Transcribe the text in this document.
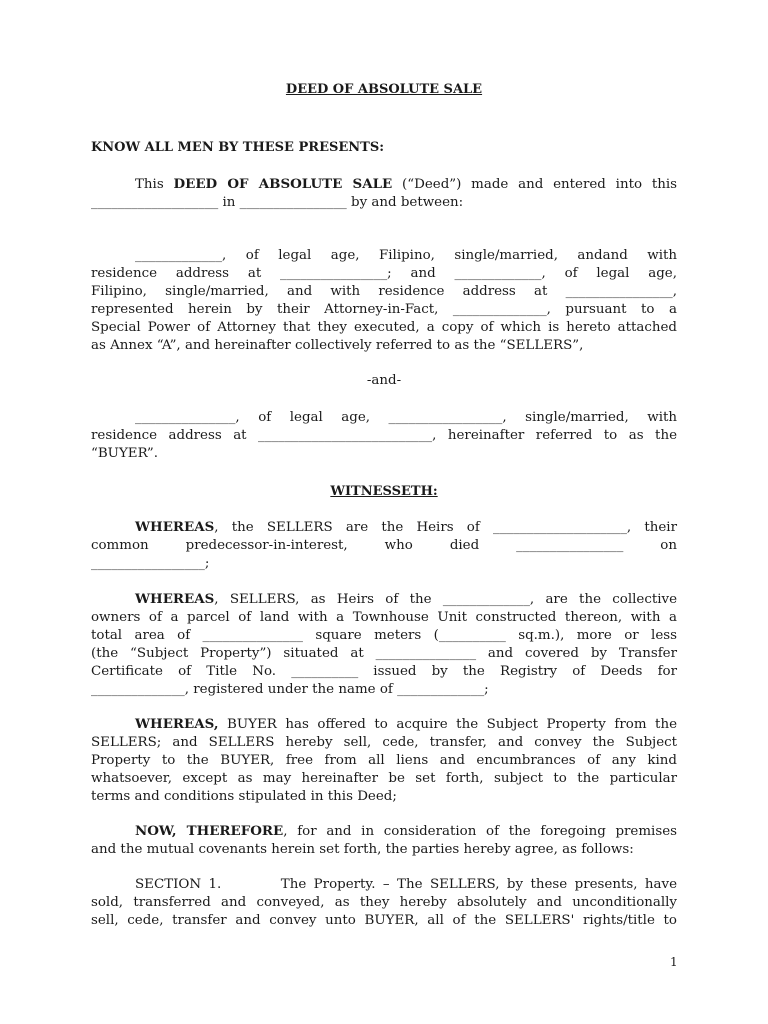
DEED OF ABSOLUTE SALE
KNOW ALL MEN BY THESE PRESENTS:
This DEED OF ABSOLUTE SALE (“Deed”) made and entered into this
___________________ in ________________ by and between:
_____________, of legal age, Filipino, single/married, andand with
residence address at ________________; and _____________, of legal age,
Filipino, single/married, and with residence address at ________________,
represented herein by their Attorney-in-Fact, ______________, pursuant to a
Special Power of Attorney that they executed, a copy of which is hereto attached
as Annex “A”, and hereinafter collectively referred to as the “SELLERS”,
-and-
_______________, of legal age, _________________, single/married, with
residence address at __________________________, hereinafter referred to as the
“BUYER”.
WITNESSETH:
WHEREAS, the SELLERS are the Heirs of ____________________, their
common predecessor-in-interest, who died ________________ on
_________________;
WHEREAS, SELLERS, as Heirs of the _____________, are the collective
owners of a parcel of land with a Townhouse Unit constructed thereon, with a
total area of _______________ square meters (__________ sq.m.), more or less
(the “Subject Property”) situated at _______________ and covered by Transfer
Certificate of Title No. __________ issued by the Registry of Deeds for
______________, registered under the name of _____________;
WHEREAS, BUYER has offered to acquire the Subject Property from the
SELLERS; and SELLERS hereby sell, cede, transfer, and convey the Subject
Property to the BUYER, free from all liens and encumbrances of any kind
whatsoever, except as may hereinafter be set forth, subject to the particular
terms and conditions stipulated in this Deed;
NOW, THEREFORE, for and in consideration of the foregoing premises
and the mutual covenants herein set forth, the parties hereby agree, as follows:
SECTION 1.        The Property. – The SELLERS, by these presents, have
sold, transferred and conveyed, as they hereby absolutely and unconditionally
sell, cede, transfer and convey unto BUYER, all of the SELLERS' rights/title to
1
